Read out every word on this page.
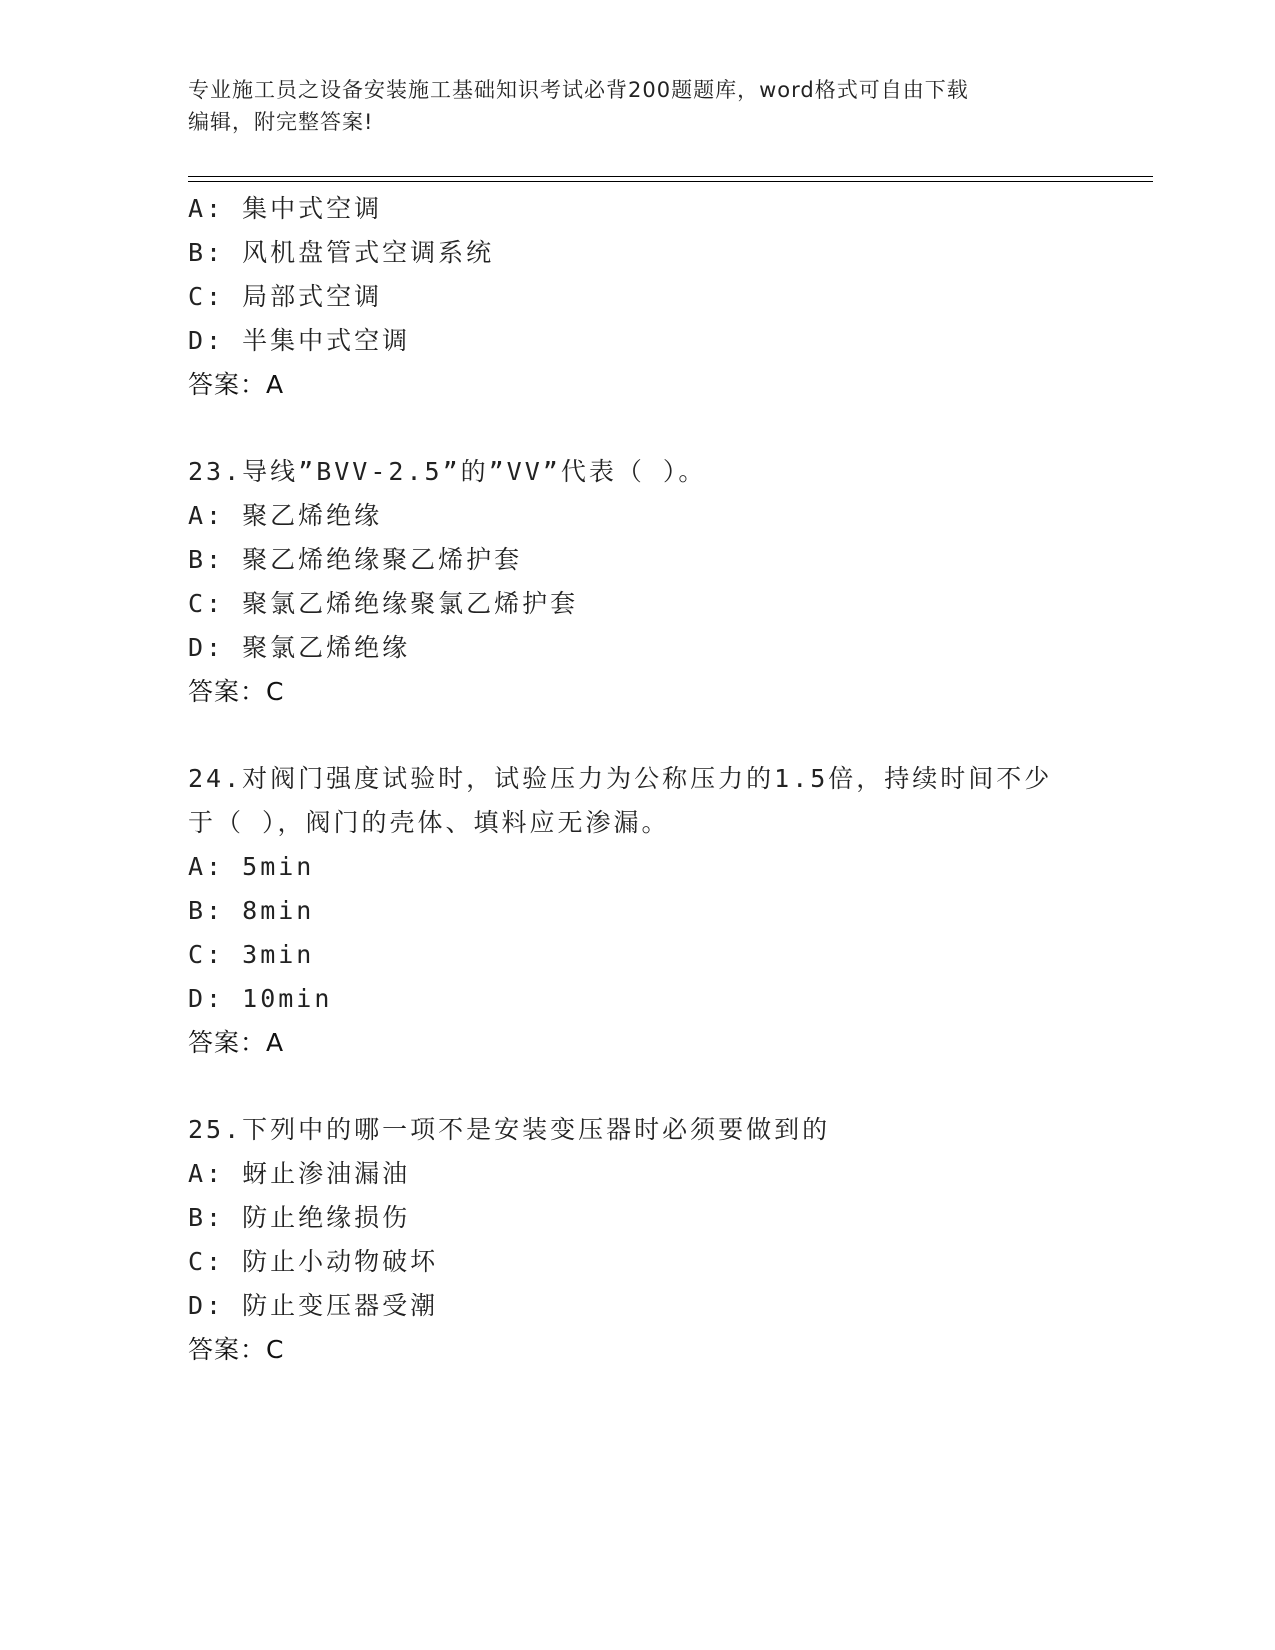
专业施工员之设备安装施工基础知识考试必背200题题库，word格式可自由下载
编辑，附完整答案!
A: 集中式空调
B: 风机盘管式空调系统
C: 局部式空调
D: 半集中式空调
答案：A
23.导线”BVV-2.5”的”VV”代表（ ）。
A: 聚乙烯绝缘
B: 聚乙烯绝缘聚乙烯护套
C: 聚氯乙烯绝缘聚氯乙烯护套
D: 聚氯乙烯绝缘
答案：C
24.对阀门强度试验时，试验压力为公称压力的1.5倍，持续时间不少
于（ ），阀门的壳体、填料应无渗漏。
A: 5min
B: 8min
C: 3min
D: 10min
答案：A
25.下列中的哪一项不是安装变压器时必须要做到的
A: 蚜止渗油漏油
B: 防止绝缘损伤
C: 防止小动物破坏
D: 防止变压器受潮
答案：C
